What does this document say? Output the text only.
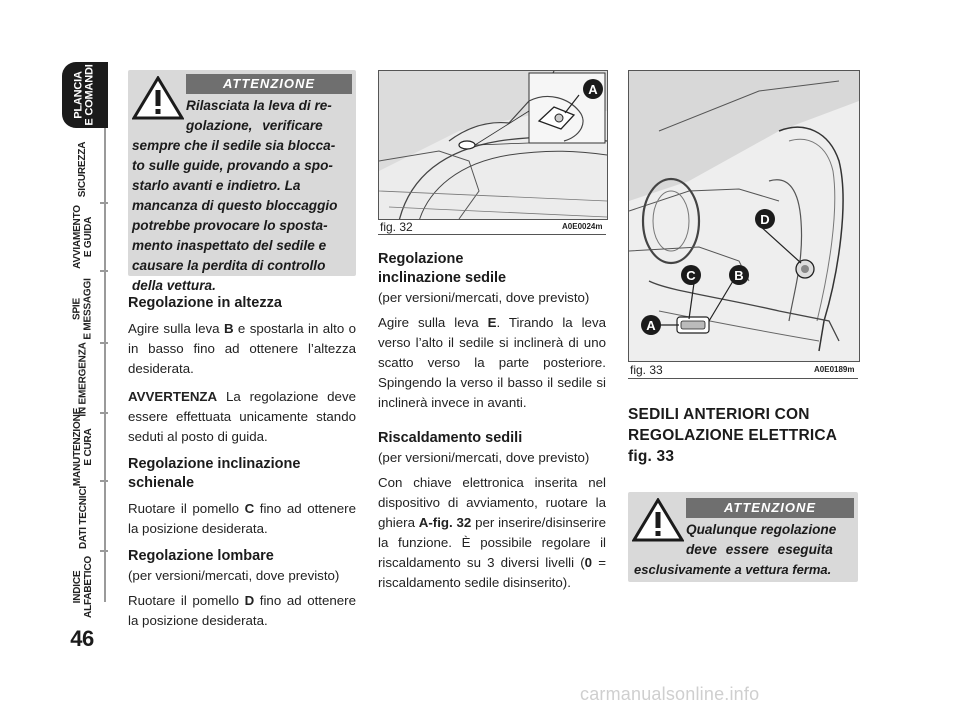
PLANCIA E COMANDI
SICUREZZA
AVVIAMENTO E GUIDA
SPIE E MESSAGGI
IN EMERGENZA
MANUTENZIONE E CURA
DATI TECNICI
INDICE ALFABETICO
46
ATTENZIONE
Rilasciata la leva di re-
golazione, verificare
sempre che il sedile sia blocca-
to sulle guide, provando a spo-
starlo avanti e indietro. La
mancanza di questo bloccaggio
potrebbe provocare lo sposta-
mento inaspettato del sedile e
causare la perdita di controllo
della vettura.
Regolazione in altezza

Agire sulla leva B e spostarla in alto o in basso fino ad ottenere l’altezza desiderata.

AVVERTENZA La regolazione deve essere effettuata unicamente stando seduti al posto di guida.

Regolazione inclinazione schienale

Ruotare il pomello C fino ad ottenere la posizione desiderata.

Regolazione lombare
(per versioni/mercati, dove previsto)

Ruotare il pomello D fino ad ottenere la posizione desiderata.

A
fig. 32	A0E0024m
Regolazione inclinazione sedile
(per versioni/mercati, dove previsto)

Agire sulla leva E. Tirando la leva verso l’alto il sedile si inclinerà di uno scatto verso la parte posteriore. Spingendo la verso il basso il sedile si inclinerà invece in avanti.

Riscaldamento sedili
(per versioni/mercati, dove previsto)

Con chiave elettronica inserita nel dispositivo di avviamento, ruotare la ghiera A-fig. 32 per inserire/disinserire la funzione. È possibile regolare il riscaldamento su 3 diversi livelli (0 = riscaldamento sedile disinserito).

D
C	B
A
fig. 33	A0E0189m
SEDILI ANTERIORI CON
REGOLAZIONE ELETTRICA
fig. 33
ATTENZIONE
Qualunque regolazione
deve essere eseguita
esclusivamente a vettura ferma.
carmanualsonline.info
